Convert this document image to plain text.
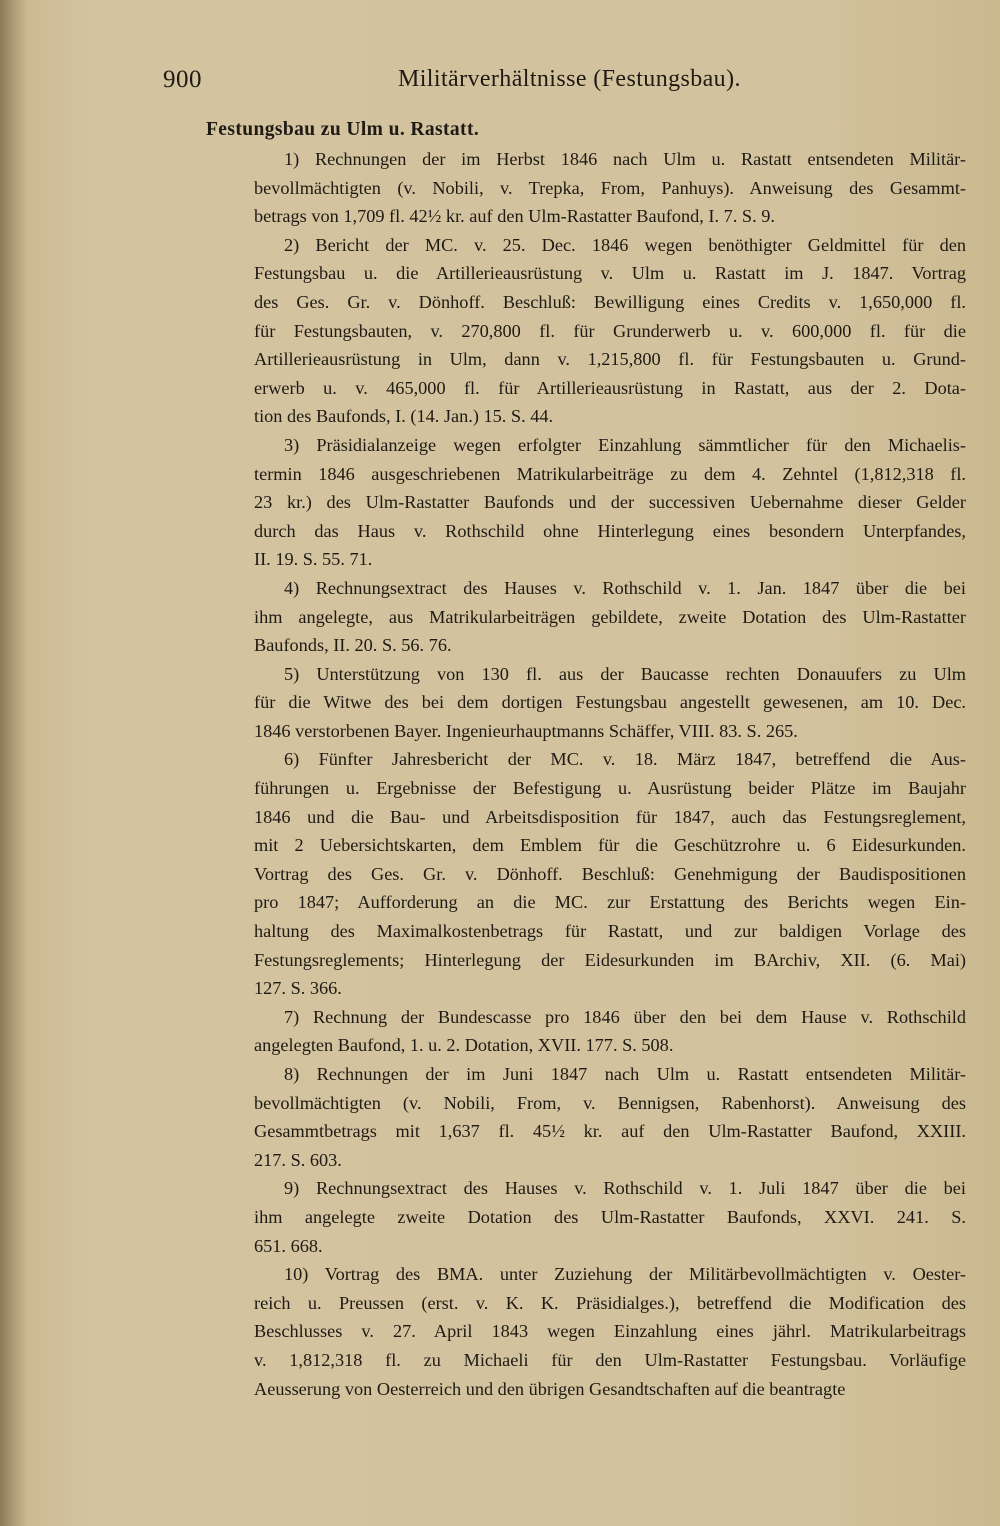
900	Militärverhältnisse (Festungsbau).
Festungsbau zu Ulm u. Rastatt.
1) Rechnungen der im Herbst 1846 nach Ulm u. Rastatt entsendeten Militär-
bevollmächtigten (v. Nobili, v. Trepka, From, Panhuys). Anweisung des Gesammt-
betrags von 1,709 fl. 42½ kr. auf den Ulm-Rastatter Baufond, I. 7. S. 9.
2) Bericht der MC. v. 25. Dec. 1846 wegen benöthigter Geldmittel für den
Festungsbau u. die Artillerieausrüstung v. Ulm u. Rastatt im J. 1847. Vortrag
des Ges. Gr. v. Dönhoff. Beschluß: Bewilligung eines Credits v. 1,650,000 fl.
für Festungsbauten, v. 270,800 fl. für Grunderwerb u. v. 600,000 fl. für die
Artillerieausrüstung in Ulm, dann v. 1,215,800 fl. für Festungsbauten u. Grund-
erwerb u. v. 465,000 fl. für Artillerieausrüstung in Rastatt, aus der 2. Dota-
tion des Baufonds, I. (14. Jan.) 15. S. 44.
3) Präsidialanzeige wegen erfolgter Einzahlung sämmtlicher für den Michaelis-
termin 1846 ausgeschriebenen Matrikularbeiträge zu dem 4. Zehntel (1,812,318 fl.
23 kr.) des Ulm-Rastatter Baufonds und der successiven Uebernahme dieser Gelder
durch das Haus v. Rothschild ohne Hinterlegung eines besondern Unterpfandes,
II. 19. S. 55. 71.
4) Rechnungsextract des Hauses v. Rothschild v. 1. Jan. 1847 über die bei
ihm angelegte, aus Matrikularbeiträgen gebildete, zweite Dotation des Ulm-Rastatter
Baufonds, II. 20. S. 56. 76.
5) Unterstützung von 130 fl. aus der Baucasse rechten Donauufers zu Ulm
für die Witwe des bei dem dortigen Festungsbau angestellt gewesenen, am 10. Dec.
1846 verstorbenen Bayer. Ingenieurhauptmanns Schäffer, VIII. 83. S. 265.
6) Fünfter Jahresbericht der MC. v. 18. März 1847, betreffend die Aus-
führungen u. Ergebnisse der Befestigung u. Ausrüstung beider Plätze im Baujahr
1846 und die Bau- und Arbeitsdisposition für 1847, auch das Festungsreglement,
mit 2 Uebersichtskarten, dem Emblem für die Geschützrohre u. 6 Eidesurkunden.
Vortrag des Ges. Gr. v. Dönhoff. Beschluß: Genehmigung der Baudispositionen
pro 1847; Aufforderung an die MC. zur Erstattung des Berichts wegen Ein-
haltung des Maximalkostenbetrags für Rastatt, und zur baldigen Vorlage des
Festungsreglements; Hinterlegung der Eidesurkunden im BArchiv, XII. (6. Mai)
127. S. 366.
7) Rechnung der Bundescasse pro 1846 über den bei dem Hause v. Rothschild
angelegten Baufond, 1. u. 2. Dotation, XVII. 177. S. 508.
8) Rechnungen der im Juni 1847 nach Ulm u. Rastatt entsendeten Militär-
bevollmächtigten (v. Nobili, From, v. Bennigsen, Rabenhorst). Anweisung des
Gesammtbetrags mit 1,637 fl. 45½ kr. auf den Ulm-Rastatter Baufond, XXIII.
217. S. 603.
9) Rechnungsextract des Hauses v. Rothschild v. 1. Juli 1847 über die bei
ihm angelegte zweite Dotation des Ulm-Rastatter Baufonds, XXVI. 241. S.
651. 668.
10) Vortrag des BMA. unter Zuziehung der Militärbevollmächtigten v. Oester-
reich u. Preussen (erst. v. K. K. Präsidialges.), betreffend die Modification des
Beschlusses v. 27. April 1843 wegen Einzahlung eines jährl. Matrikularbeitrags
v. 1,812,318 fl. zu Michaeli für den Ulm-Rastatter Festungsbau. Vorläufige
Aeusserung von Oesterreich und den übrigen Gesandtschaften auf die beantragte
